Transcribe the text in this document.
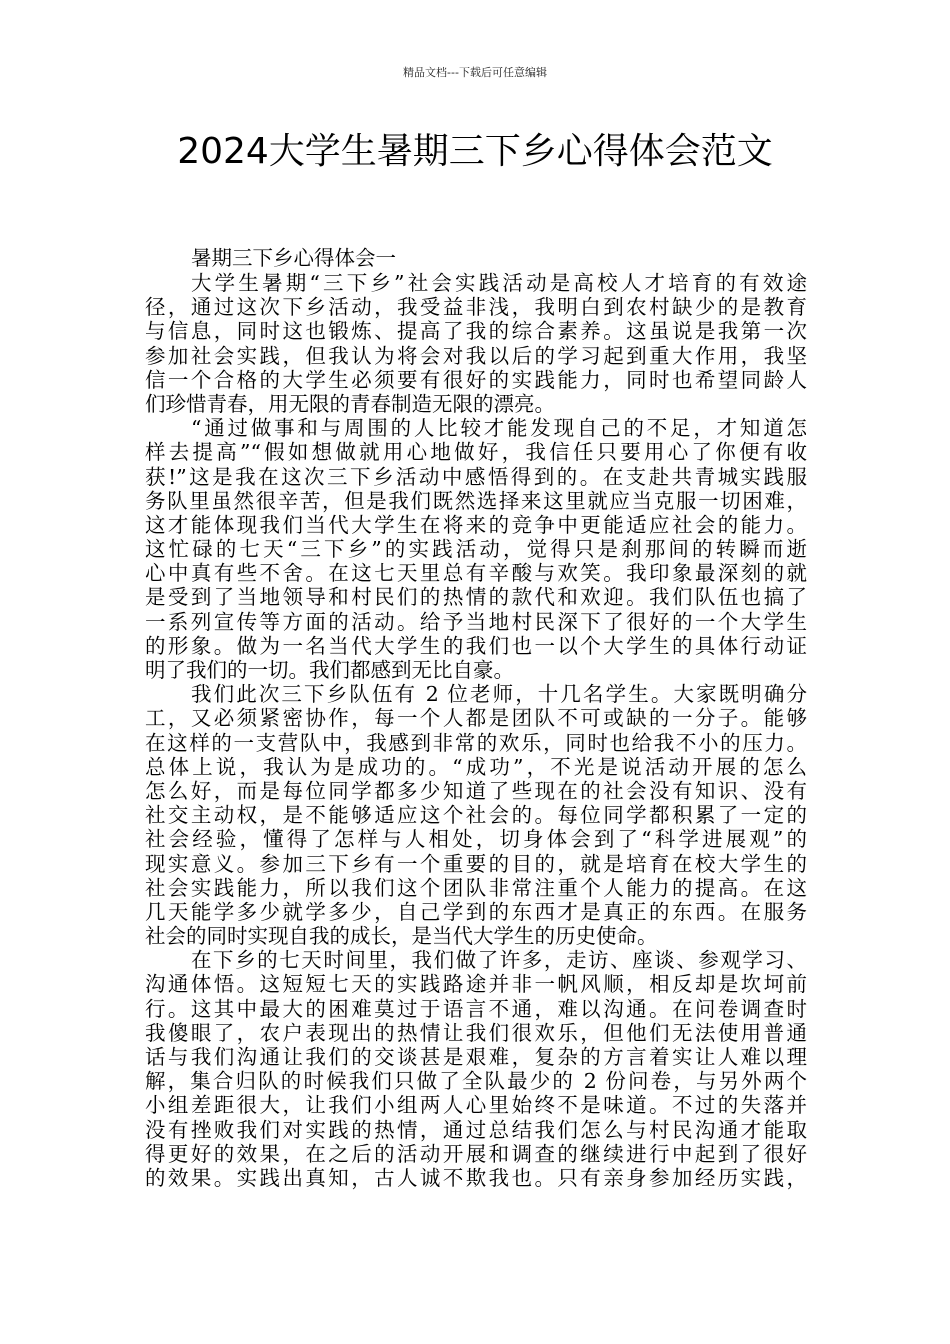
精品文档---下载后可任意编辑
2024大学生暑期三下乡心得体会范文

暑期三下乡心得体会一

大学生暑期“三下乡”社会实践活动是高校人才培育的有效途
径，通过这次下乡活动，我受益非浅，我明白到农村缺少的是教育
与信息，同时这也锻炼、提高了我的综合素养。这虽说是我第一次
参加社会实践，但我认为将会对我以后的学习起到重大作用，我坚
信一个合格的大学生必须要有很好的实践能力，同时也希望同龄人
们珍惜青春，用无限的青春制造无限的漂亮。

“通过做事和与周围的人比较才能发现自己的不足，才知道怎
样去提高”“假如想做就用心地做好，我信任只要用心了你便有收
获!”这是我在这次三下乡活动中感悟得到的。在支赴共青城实践服
务队里虽然很辛苦，但是我们既然选择来这里就应当克服一切困难，
这才能体现我们当代大学生在将来的竞争中更能适应社会的能力。
这忙碌的七天“三下乡”的实践活动，觉得只是刹那间的转瞬而逝
心中真有些不舍。在这七天里总有辛酸与欢笑。我印象最深刻的就
是受到了当地领导和村民们的热情的款代和欢迎。我们队伍也搞了
一系列宣传等方面的活动。给予当地村民深下了很好的一个大学生
的形象。做为一名当代大学生的我们也一以个大学生的具体行动证
明了我们的一切。我们都感到无比自豪。

我们此次三下乡队伍有 2 位老师，十几名学生。大家既明确分
工，又必须紧密协作，每一个人都是团队不可或缺的一分子。能够
在这样的一支营队中，我感到非常的欢乐，同时也给我不小的压力。
总体上说，我认为是成功的。“成功”，不光是说活动开展的怎么
怎么好，而是每位同学都多少知道了些现在的社会没有知识、没有
社交主动权，是不能够适应这个社会的。每位同学都积累了一定的
社会经验，懂得了怎样与人相处，切身体会到了“科学进展观”的
现实意义。参加三下乡有一个重要的目的，就是培育在校大学生的
社会实践能力，所以我们这个团队非常注重个人能力的提高。在这
几天能学多少就学多少，自己学到的东西才是真正的东西。在服务
社会的同时实现自我的成长，是当代大学生的历史使命。

在下乡的七天时间里，我们做了许多，走访、座谈、参观学习、
沟通体悟。这短短七天的实践路途并非一帆风顺，相反却是坎坷前
行。这其中最大的困难莫过于语言不通，难以沟通。在问卷调查时
我傻眼了，农户表现出的热情让我们很欢乐，但他们无法使用普通
话与我们沟通让我们的交谈甚是艰难，复杂的方言着实让人难以理
解，集合归队的时候我们只做了全队最少的 2 份问卷，与另外两个
小组差距很大，让我们小组两人心里始终不是味道。不过的失落并
没有挫败我们对实践的热情，通过总结我们怎么与村民沟通才能取
得更好的效果，在之后的活动开展和调查的继续进行中起到了很好
的效果。实践出真知，古人诚不欺我也。只有亲身参加经历实践，
